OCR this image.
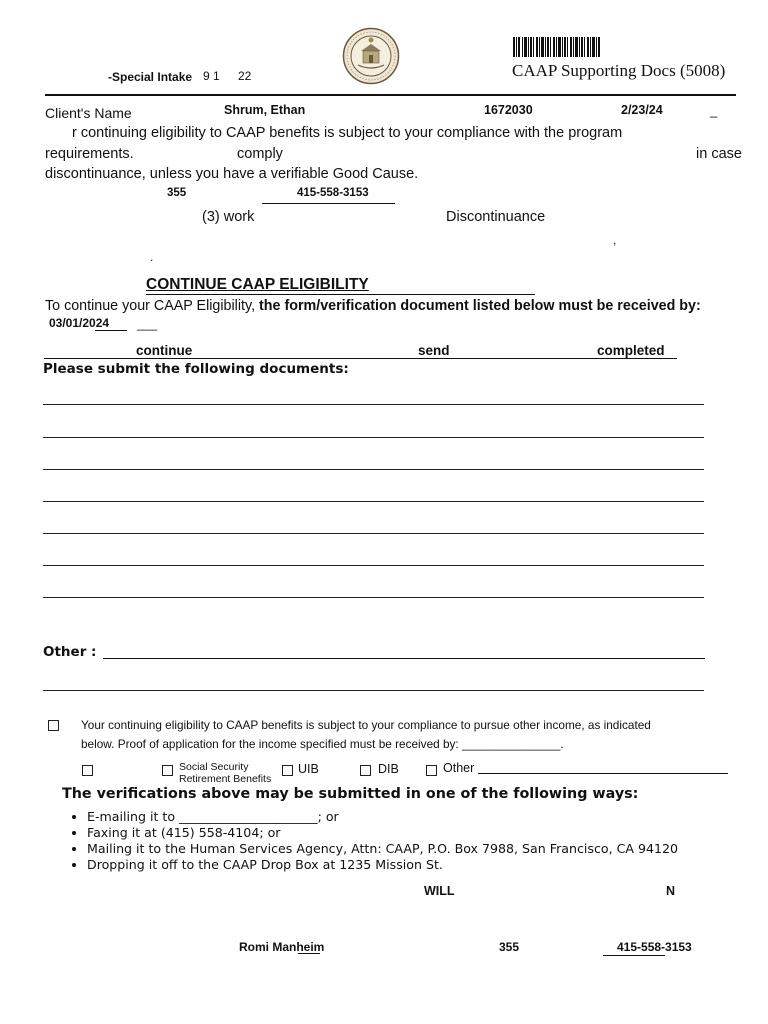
-Special Intake 9 1 22	CAAP Supporting Docs (5008)
Client's Name	Shrum, Ethan	1672030	2/23/24	_
r continuing eligibility to CAAP benefits is subject to your compliance with the program
requirements.	comply	in case
discontinuance, unless you have a verifiable Good Cause.
355	415-558-3153
(3) work	Discontinuance
,
.
CONTINUE CAAP ELIGIBILITY
To continue your CAAP Eligibility, the form/verification document listed below must be received by:
03/01/2024 ___
continue	send	completed
Please submit the following documents:
Other :
Your continuing eligibility to CAAP benefits is subject to your compliance to pursue other income, as indicated
below. Proof of application for the income specified must be received by: _______________.
Social Security
Retirement Benefits
UIB	DIB	Other
The verifications above may be submitted in one of the following ways:
• E-mailing it to ______________________; or
• Faxing it at (415) 558-4104; or
• Mailing it to the Human Services Agency, Attn: CAAP, P.O. Box 7988, San Francisco, CA 94120
• Dropping it off to the CAAP Drop Box at 1235 Mission St.
WILL	N
Romi Manheim	355	415-558-3153
